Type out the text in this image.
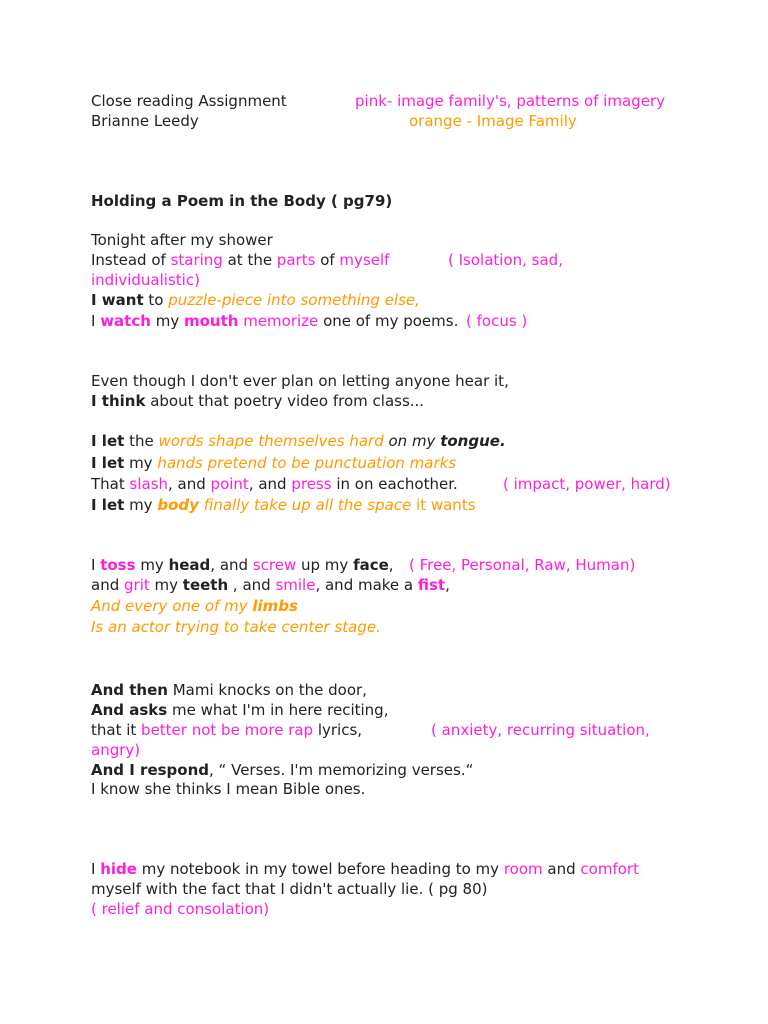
Close reading Assignment
Brianne Leedy
pink- image family's, patterns of imagery
orange - Image Family
Holding a Poem in the Body ( pg79)
Tonight after my shower
Instead of staring at the parts of myself	( Isolation, sad,
individualistic)
I want to puzzle-piece into something else,
I watch my mouth memorize one of my poems. ( focus )
Even though I don't ever plan on letting anyone hear it,
I think about that poetry video from class...
I let the words shape themselves hard on my tongue.
I let my hands pretend to be punctuation marks
That slash, and point, and press in on eachother.	( impact, power, hard)
I let my body finally take up all the space it wants
I toss my head, and screw up my face, ( Free, Personal, Raw, Human)
and grit my teeth , and smile, and make a fist,
And every one of my limbs
Is an actor trying to take center stage.
And then Mami knocks on the door,
And asks me what I'm in here reciting,
that it better not be more rap lyrics,	( anxiety, recurring situation,
angry)
And I respond, “ Verses. I'm memorizing verses.“
I know she thinks I mean Bible ones.
I hide my notebook in my towel before heading to my room and comfort
myself with the fact that I didn't actually lie. ( pg 80)
( relief and consolation)
